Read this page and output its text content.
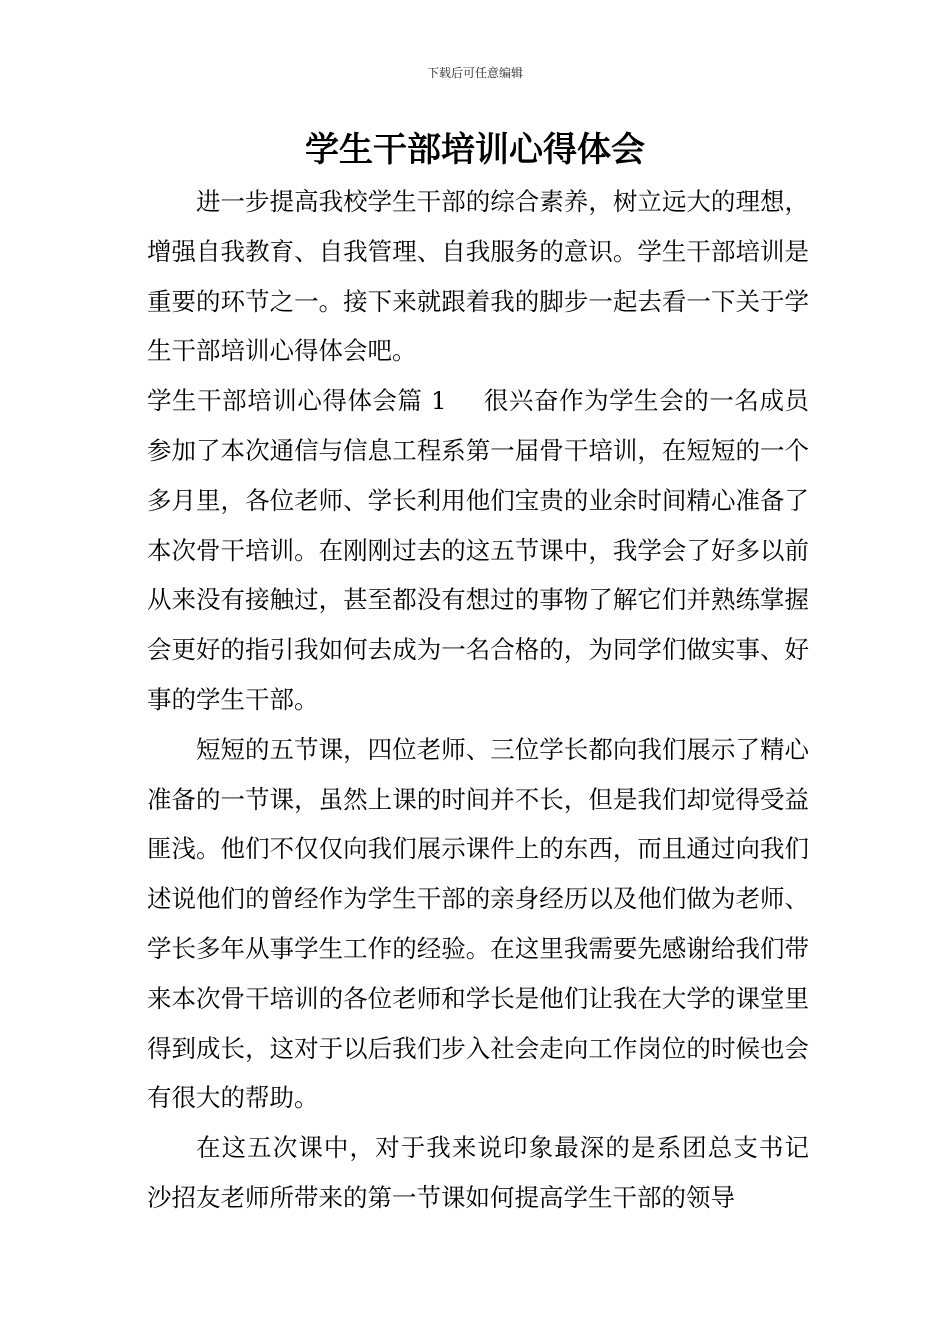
下载后可任意编辑
学生干部培训心得体会

进一步提高我校学生干部的综合素养，树立远大的理想，增强自我教育、自我管理、自我服务的意识。学生干部培训是重要的环节之一。接下来就跟着我的脚步一起去看一下关于学生干部培训心得体会吧。

学生干部培训心得体会篇 1 很兴奋作为学生会的一名成员参加了本次通信与信息工程系第一届骨干培训，在短短的一个多月里，各位老师、学长利用他们宝贵的业余时间精心准备了本次骨干培训。在刚刚过去的这五节课中，我学会了好多以前从来没有接触过，甚至都没有想过的事物了解它们并熟练掌握会更好的指引我如何去成为一名合格的，为同学们做实事、好事的学生干部。

短短的五节课，四位老师、三位学长都向我们展示了精心准备的一节课，虽然上课的时间并不长，但是我们却觉得受益匪浅。他们不仅仅向我们展示课件上的东西，而且通过向我们述说他们的曾经作为学生干部的亲身经历以及他们做为老师、学长多年从事学生工作的经验。在这里我需要先感谢给我们带来本次骨干培训的各位老师和学长是他们让我在大学的课堂里得到成长，这对于以后我们步入社会走向工作岗位的时候也会有很大的帮助。

在这五次课中，对于我来说印象最深的是系团总支书记 沙招友老师所带来的第一节课如何提高学生干部的领导
